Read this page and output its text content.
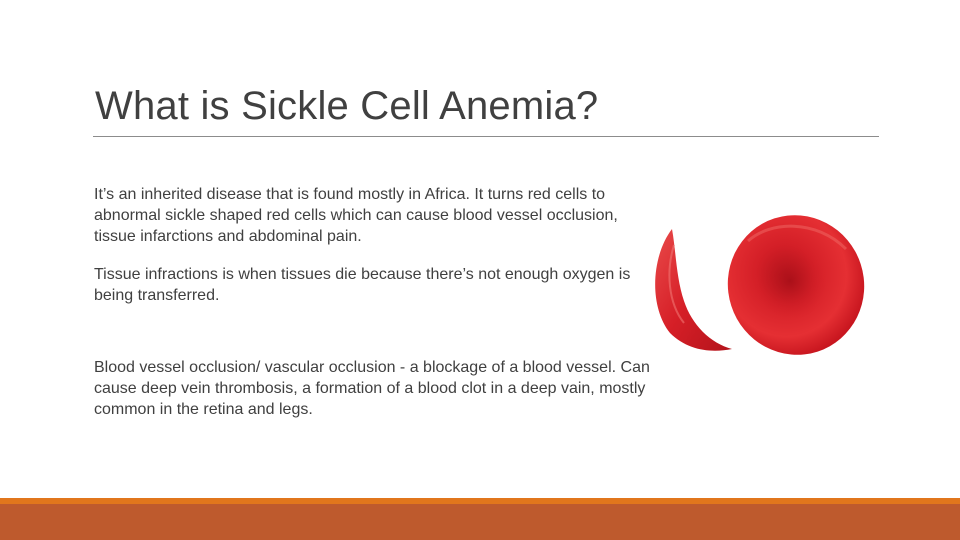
What is Sickle Cell Anemia?
It’s an inherited disease that is found mostly in Africa. It turns red cells to abnormal sickle shaped red cells which can cause blood vessel occlusion, tissue infarctions and abdominal pain.
Tissue infractions is when tissues die because there’s not enough oxygen is being transferred.
Blood vessel occlusion/ vascular occlusion - a blockage of a blood vessel. Can cause deep vein thrombosis, a formation of a blood clot in a deep vain, mostly common in the retina and legs.
